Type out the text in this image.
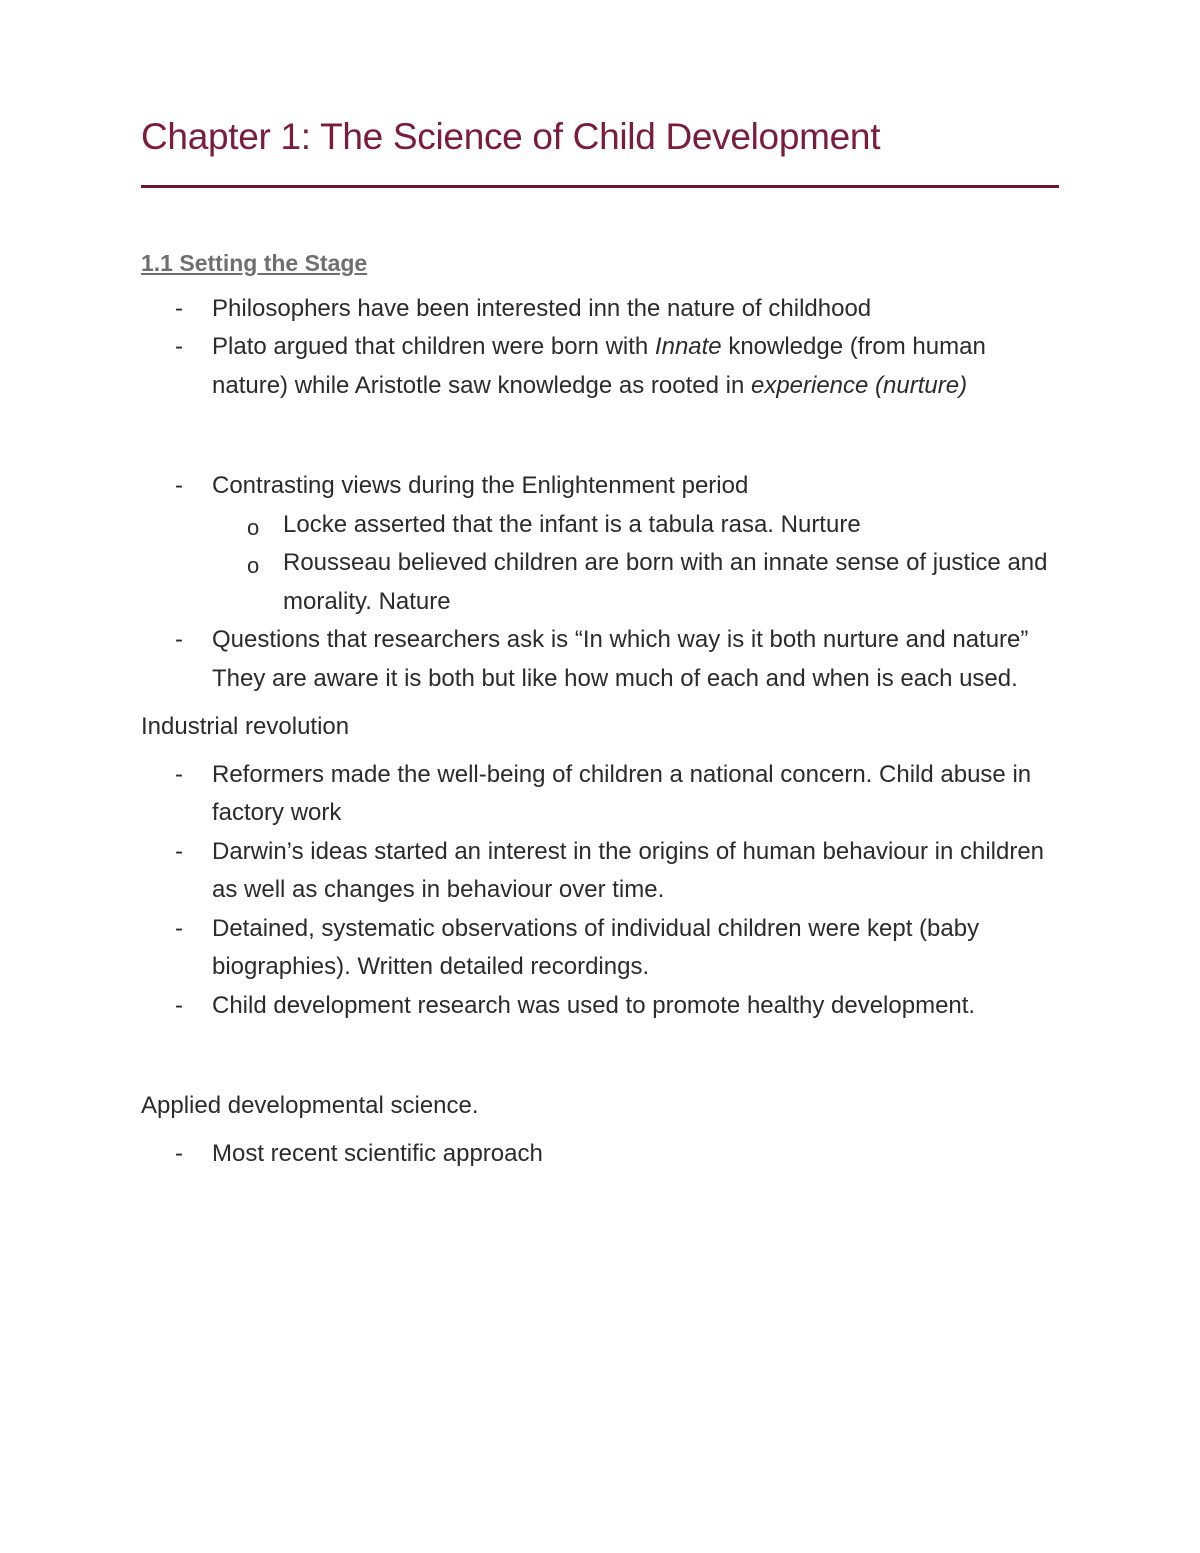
Chapter 1: The Science of Child Development
1.1 Setting the Stage
- Philosophers have been interested inn the nature of childhood
- Plato argued that children were born with Innate knowledge (from human nature) while Aristotle saw knowledge as rooted in experience (nurture)
- Contrasting views during the Enlightenment period
o Locke asserted that the infant is a tabula rasa. Nurture
o Rousseau believed children are born with an innate sense of justice and morality. Nature
- Questions that researchers ask is “In which way is it both nurture and nature” They are aware it is both but like how much of each and when is each used.
Industrial revolution
- Reformers made the well-being of children a national concern. Child abuse in factory work
- Darwin’s ideas started an interest in the origins of human behaviour in children as well as changes in behaviour over time.
- Detained, systematic observations of individual children were kept (baby biographies). Written detailed recordings.
- Child development research was used to promote healthy development.
Applied developmental science.
- Most recent scientific approach
